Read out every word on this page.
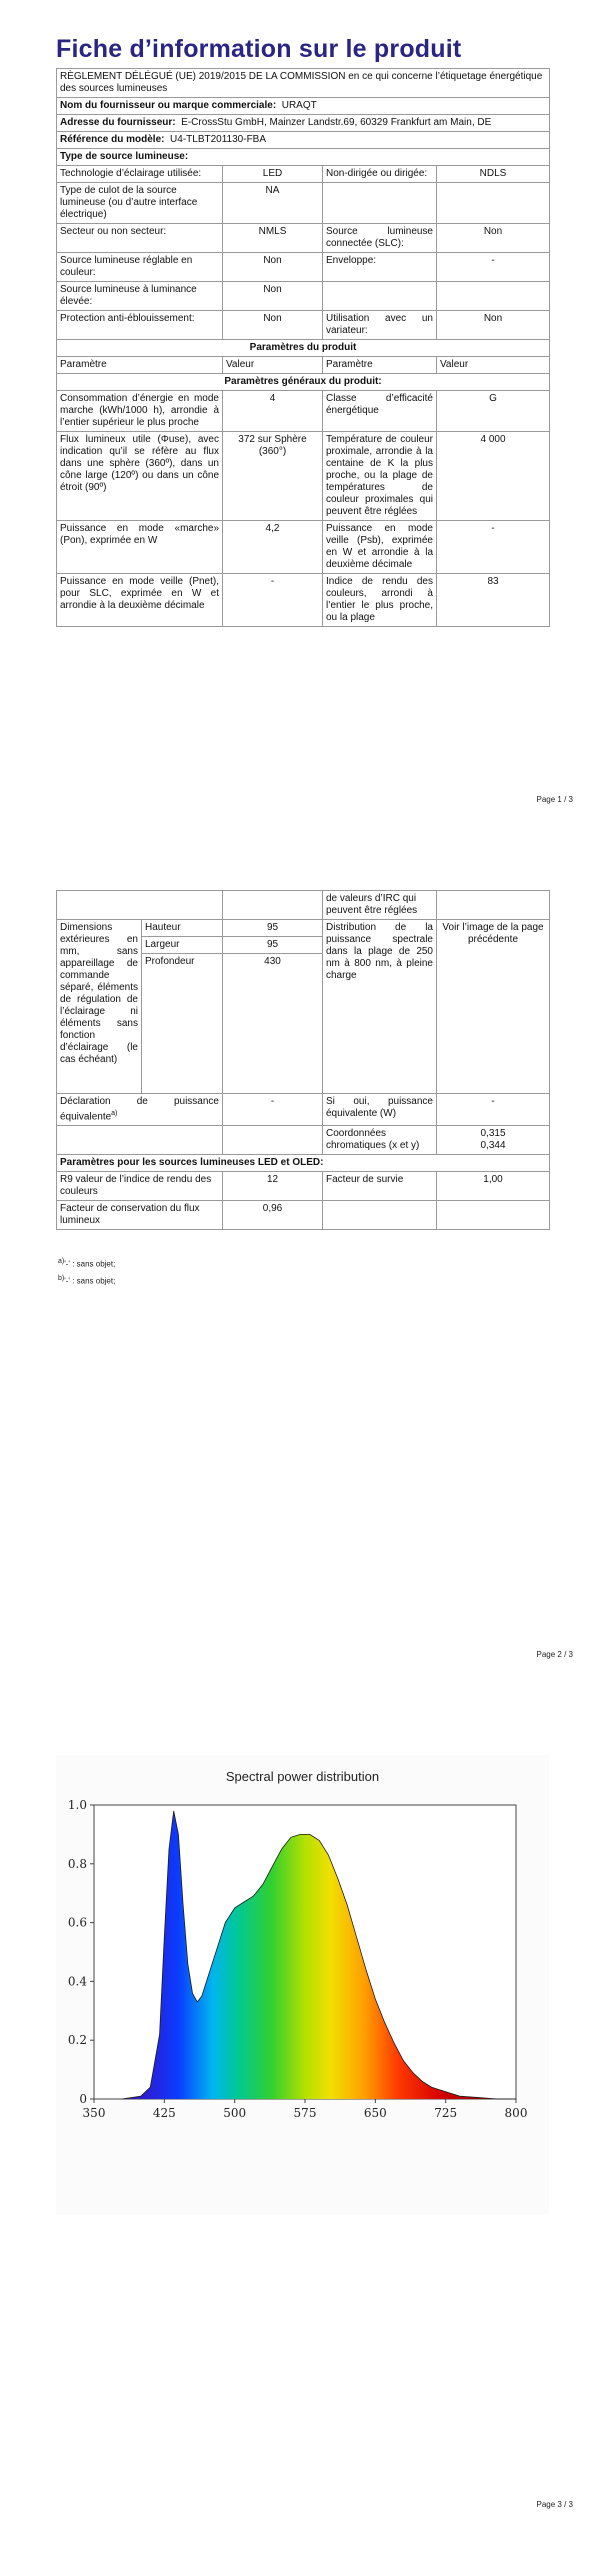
Fiche d’information sur le produit
RÈGLEMENT DÉLÉGUÉ (UE) 2019/2015 DE LA COMMISSION en ce qui concerne l’étiquetage énergétique des sources lumineuses			
Nom du fournisseur ou marque commerciale: URAQT			
Adresse du fournisseur: E-CrossStu GmbH, Mainzer Landstr.69, 60329 Frankfurt am Main, DE			
Référence du modèle: U4-TLBT201130-FBA			
Type de source lumineuse:			
Technologie d’éclairage utilisée:	LED	Non-dirigée ou dirigée:	NDLS
Type de culot de la source lumineuse (ou d’autre interface électrique)	NA		
Secteur ou non secteur:	NMLS	Source lumineuse connectée (SLC):	Non
Source lumineuse réglable en couleur:	Non	Enveloppe:	-
Source lumineuse à luminance élevée:	Non		
Protection anti-éblouissement:	Non	Utilisation avec un variateur:	Non
Paramètres du produit			
Paramètre	Valeur	Paramètre	Valeur
Paramètres généraux du produit:			
Consommation d’énergie en mode marche (kWh/1000 h), arrondie à l’entier supérieur le plus proche	4	Classe d’efficacité énergétique	G
Flux lumineux utile (Φuse), avec indication qu’il se réfère au flux dans une sphère (360º), dans un cône large (120º) ou dans un cône étroit (90º)	372 sur Sphère (360°)	Température de couleur proximale, arrondie à la centaine de K la plus proche, ou la plage de températures de couleur proximales qui peuvent être réglées	4 000
Puissance en mode «marche» (Pon), exprimée en W	4,2	Puissance en mode veille (Psb), exprimée en W et arrondie à la deuxième décimale	-
Puissance en mode veille (Pnet), pour SLC, exprimée en W et arrondie à la deuxième décimale	-	Indice de rendu des couleurs, arrondi à l’entier le plus proche, ou la plage	83
Page 1 / 3
			de valeurs d’IRC qui peuvent être réglées	
Dimensions extérieures en mm, sans appareillage de commande séparé, éléments de régulation de l’éclairage ni éléments sans fonction d’éclairage (le cas échéant)	Hauteur	95	Distribution de la puissance spectrale dans la plage de 250 nm à 800 nm, à pleine charge	Voir l’image de la page précédente
	Largeur	95		
	Profondeur	430		
Déclaration de puissance équivalente$^{a)}$		-	Si oui, puissance équivalente (W)	-
			Coordonnées chromatiques (x et y)	0,315
0,344

Paramètres pour les sources lumineuses LED et OLED:				
R9 valeur de l’indice de rendu des couleurs		12	Facteur de survie	1,00
Facteur de conservation du flux lumineux		0,96		
a)'-' : sans objet;
b)'-' : sans objet;
Page 2 / 3
Spectral power distribution
0
0.2
0.4
0.6
0.8
1.0
350	425	500	575	650	725	800
Page 3 / 3
